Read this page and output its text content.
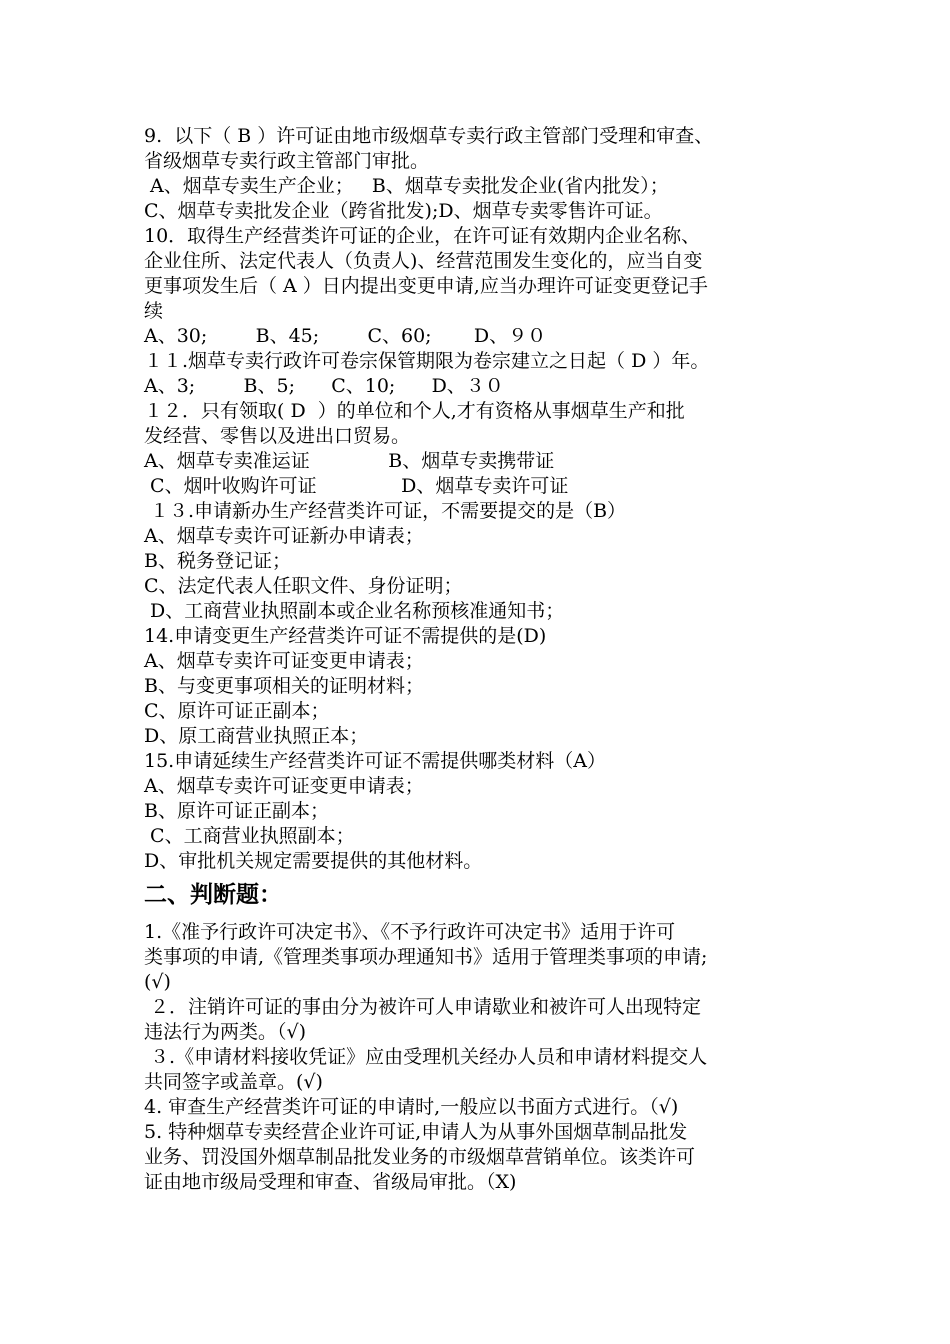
9.  以下（ B ）许可证由地市级烟草专卖行政主管部门受理和审查、
省级烟草专卖行政主管部门审批。
A、烟草专卖生产企业；   B、烟草专卖批发企业(省内批发）；
C、烟草专卖批发企业（跨省批发);D、烟草专卖零售许可证。
10．取得生产经营类许可证的企业，在许可证有效期内企业名称、
企业住所、法定代表人（负责人)、经营范围发生变化的，应当自变
更事项发生后（ A ）日内提出变更申请,应当办理许可证变更登记手
续
A、30;        B、45;        C、60;       D、９０
１１.烟草专卖行政许可卷宗保管期限为卷宗建立之日起（ D ）年。
A、3;        B、5;      C、10;      D、３０
１２．只有领取( D  ）的单位和个人,才有资格从事烟草生产和批
发经营、零售以及进出口贸易。
A、烟草专卖准运证             B、烟草专卖携带证
C、烟叶收购许可证              D、烟草专卖许可证
１３.申请新办生产经营类许可证，不需要提交的是（B）
A、烟草专卖许可证新办申请表；
B、税务登记证；
C、法定代表人任职文件、身份证明；
D、工商营业执照副本或企业名称预核准通知书；
14.申请变更生产经营类许可证不需提供的是(D)
A、烟草专卖许可证变更申请表；
B、与变更事项相关的证明材料；
C、原许可证正副本；
D、原工商营业执照正本；
15.申请延续生产经营类许可证不需提供哪类材料（A）
A、烟草专卖许可证变更申请表；
B、原许可证正副本；
C、工商营业执照副本；
D、审批机关规定需要提供的其他材料。
二、判断题：
1.《准予行政许可决定书》、《不予行政许可决定书》适用于许可
类事项的申请,《管理类事项办理通知书》适用于管理类事项的申请;
(√)
２．注销许可证的事由分为被许可人申请歇业和被许可人出现特定
违法行为两类。（√)
３.《申请材料接收凭证》应由受理机关经办人员和申请材料提交人
共同签字或盖章。(√)
4. 审查生产经营类许可证的申请时,一般应以书面方式进行。（√)
5. 特种烟草专卖经营企业许可证,申请人为从事外国烟草制品批发
业务、罚没国外烟草制品批发业务的市级烟草营销单位。该类许可
证由地市级局受理和审查、省级局审批。（X)
